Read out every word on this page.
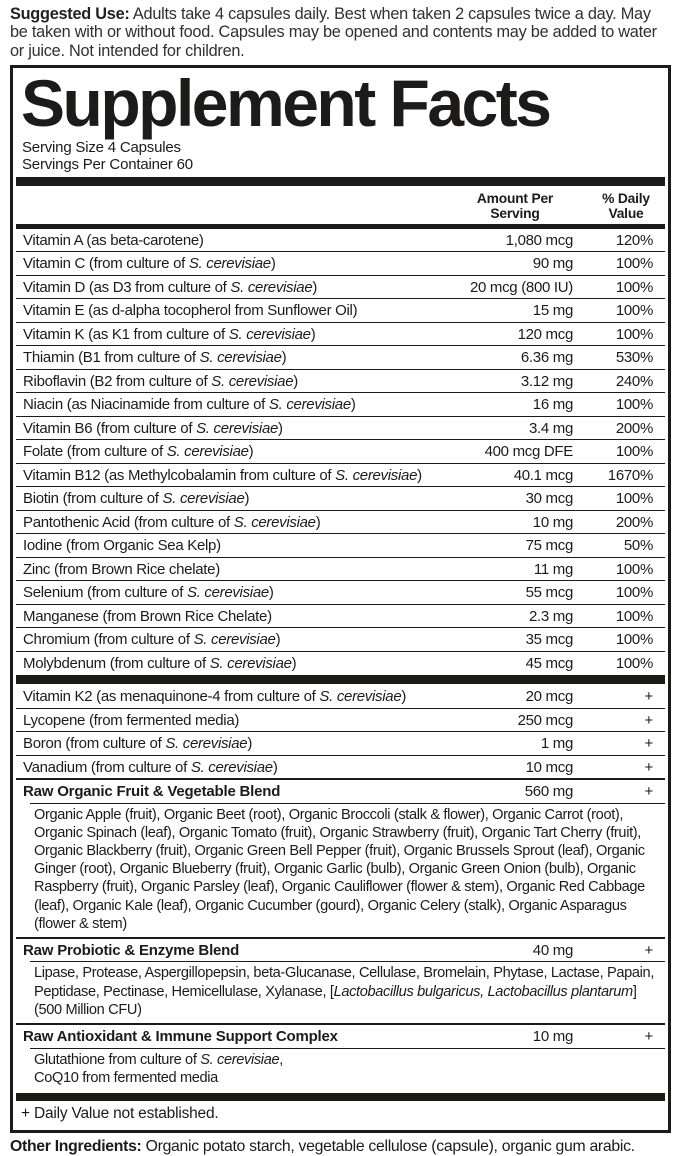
Suggested Use: Adults take 4 capsules daily. Best when taken 2 capsules twice a day. May be taken with or without food. Capsules may be opened and contents may be added to water or juice. Not intended for children.

Supplement Facts
Serving Size 4 Capsules
Servings Per Container 60
Amount Per Serving
% Daily Value
Vitamin A (as beta-carotene)	1,080 mcg	120%
Vitamin C (from culture of S. cerevisiae)	90 mg	100%
Vitamin D (as D3 from culture of S. cerevisiae)	20 mcg (800 IU)	100%
Vitamin E (as d-alpha tocopherol from Sunflower Oil)	15 mg	100%
Vitamin K (as K1 from culture of S. cerevisiae)	120 mcg	100%
Thiamin (B1 from culture of S. cerevisiae)	6.36 mg	530%
Riboflavin (B2 from culture of S. cerevisiae)	3.12 mg	240%
Niacin (as Niacinamide from culture of S. cerevisiae)	16 mg	100%
Vitamin B6 (from culture of S. cerevisiae)	3.4 mg	200%
Folate (from culture of S. cerevisiae)	400 mcg DFE	100%
Vitamin B12 (as Methylcobalamin from culture of S. cerevisiae)	40.1 mcg	1670%
Biotin (from culture of S. cerevisiae)	30 mcg	100%
Pantothenic Acid (from culture of S. cerevisiae)	10 mg	200%
Iodine (from Organic Sea Kelp)	75 mcg	50%
Zinc (from Brown Rice chelate)	11 mg	100%
Selenium (from culture of S. cerevisiae)	55 mcg	100%
Manganese (from Brown Rice Chelate)	2.3 mg	100%
Chromium (from culture of S. cerevisiae)	35 mcg	100%
Molybdenum (from culture of S. cerevisiae)	45 mcg	100%
Vitamin K2 (as menaquinone-4 from culture of S. cerevisiae)	20 mcg	+
Lycopene (from fermented media)	250 mcg	+
Boron (from culture of S. cerevisiae)	1 mg	+
Vanadium (from culture of S. cerevisiae)	10 mcg	+
Raw Organic Fruit & Vegetable Blend	560 mg	+
Organic Apple (fruit), Organic Beet (root), Organic Broccoli (stalk & flower), Organic Carrot (root), Organic Spinach (leaf), Organic Tomato (fruit), Organic Strawberry (fruit), Organic Tart Cherry (fruit), Organic Blackberry (fruit), Organic Green Bell Pepper (fruit), Organic Brussels Sprout (leaf), Organic Ginger (root), Organic Blueberry (fruit), Organic Garlic (bulb), Organic Green Onion (bulb), Organic Raspberry (fruit), Organic Parsley (leaf), Organic Cauliflower (flower & stem), Organic Red Cabbage (leaf), Organic Kale (leaf), Organic Cucumber (gourd), Organic Celery (stalk), Organic Asparagus (flower & stem)
Raw Probiotic & Enzyme Blend	40 mg	+
Lipase, Protease, Aspergillopepsin, beta-Glucanase, Cellulase, Bromelain, Phytase, Lactase, Papain, Peptidase, Pectinase, Hemicellulase, Xylanase, [Lactobacillus bulgaricus, Lactobacillus plantarum] (500 Million CFU)
Raw Antioxidant & Immune Support Complex	10 mg	+
Glutathione from culture of S. cerevisiae,
CoQ10 from fermented media
+ Daily Value not established.

Other Ingredients: Organic potato starch, vegetable cellulose (capsule), organic gum arabic.
